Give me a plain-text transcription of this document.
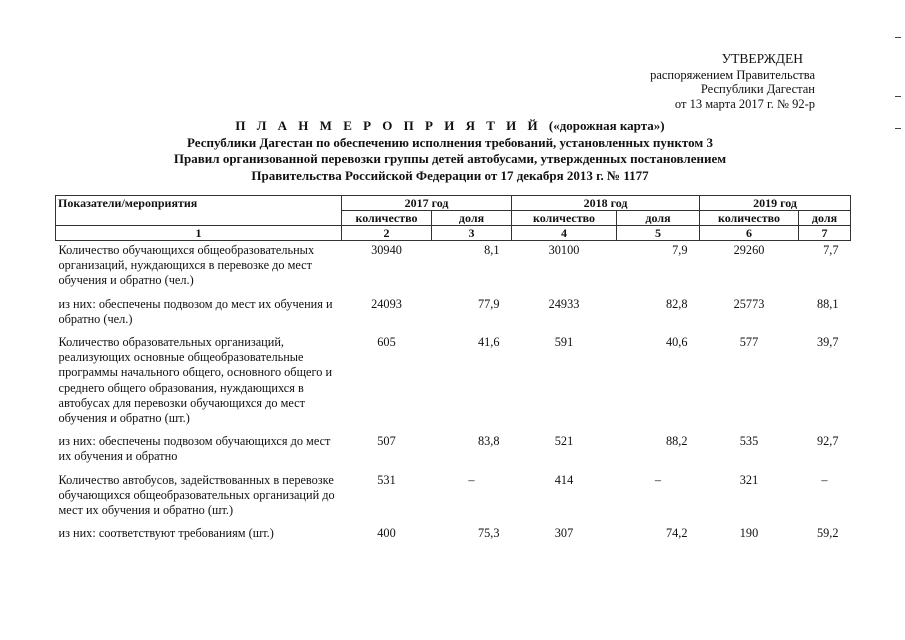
УТВЕРЖДЕН
распоряжением Правительства
Республики Дагестан
от 13 марта 2017 г. № 92-р
П Л А Н М Е Р О П Р И Я Т И Й («дорожная карта»)
Республики Дагестан по обеспечению исполнения требований, установленных пунктом 3
Правил организованной перевозки группы детей автобусами, утвержденных постановлением
Правительства Российской Федерации от 17 декабря 2013 г. № 1177
Показатели/мероприятия	2017 год		2018 год		2019 год	
	количество	доля	количество	доля	количество	доля
1	2	3	4	5	6	7
Количество обучающихся общеобразовательных организаций, нуждающихся в перевозке до мест обучения и обратно (чел.)	30940	8,1	30100	7,9	29260	7,7
из них: обеспечены подвозом до мест их обучения и обратно (чел.)	24093	77,9	24933	82,8	25773	88,1
Количество образовательных организаций, реализующих основные общеобразовательные программы начального общего, основного общего и среднего общего образования, нуждающихся в автобусах для перевозки обучающихся до мест обучения и обратно (шт.)	605	41,6	591	40,6	577	39,7
из них: обеспечены подвозом обучающихся до мест их обучения и обратно	507	83,8	521	88,2	535	92,7
Количество автобусов, задействованных в перевозке обучающихся общеобразовательных организаций до мест их обучения и обратно (шт.)	531	–	414	–	321	–
из них: соответствуют требованиям (шт.)	400	75,3	307	74,2	190	59,2
